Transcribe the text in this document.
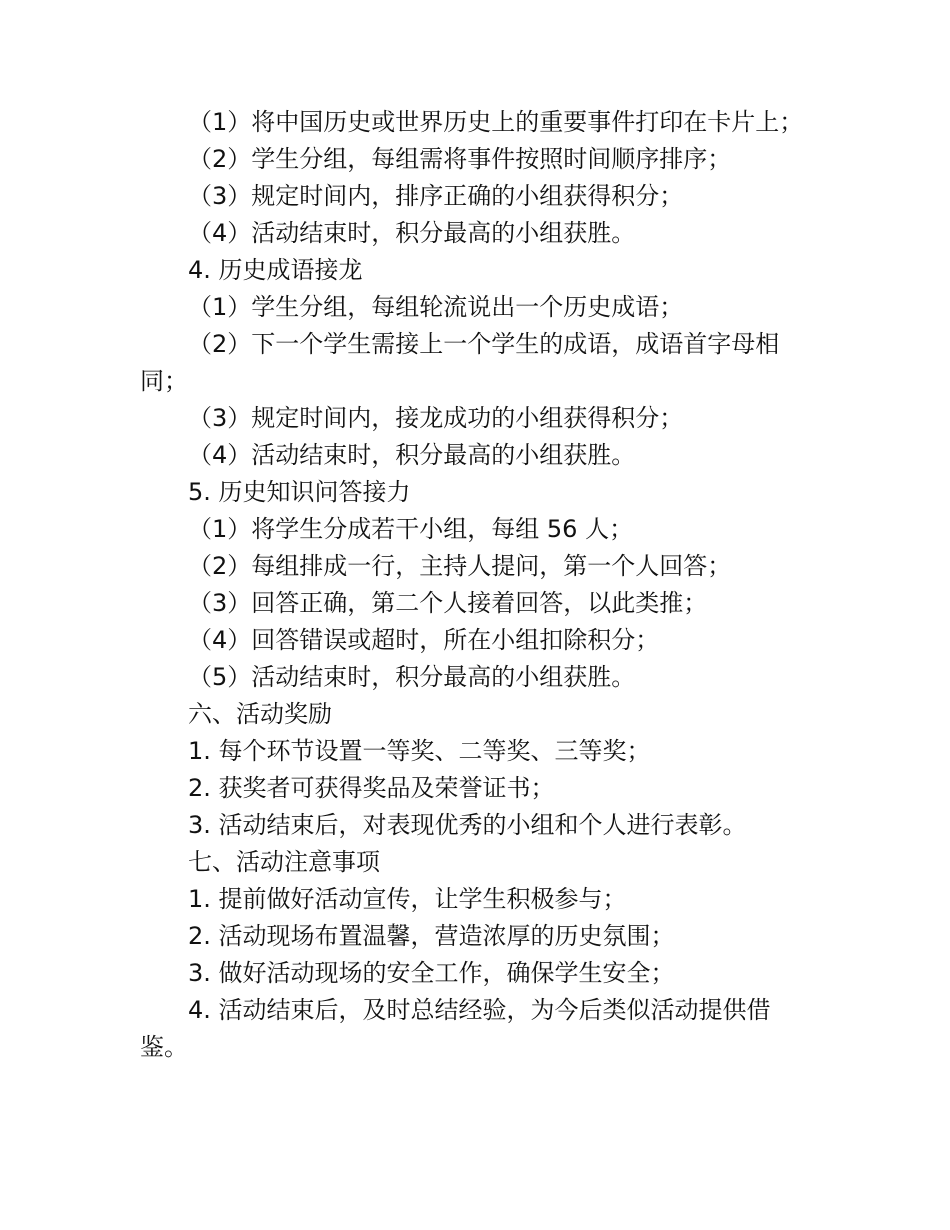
（1）将中国历史或世界历史上的重要事件打印在卡片上；

（2）学生分组，每组需将事件按照时间顺序排序；

（3）规定时间内，排序正确的小组获得积分；

（4）活动结束时，积分最高的小组获胜。

4. 历史成语接龙

（1）学生分组，每组轮流说出一个历史成语；

（2）下一个学生需接上一个学生的成语，成语首字母相同；

（3）规定时间内，接龙成功的小组获得积分；

（4）活动结束时，积分最高的小组获胜。

5. 历史知识问答接力

（1）将学生分成若干小组，每组 56 人；

（2）每组排成一行，主持人提问，第一个人回答；

（3）回答正确，第二个人接着回答，以此类推；

（4）回答错误或超时，所在小组扣除积分；

（5）活动结束时，积分最高的小组获胜。

六、活动奖励

1. 每个环节设置一等奖、二等奖、三等奖；

2. 获奖者可获得奖品及荣誉证书；

3. 活动结束后，对表现优秀的小组和个人进行表彰。

七、活动注意事项

1. 提前做好活动宣传，让学生积极参与；

2. 活动现场布置温馨，营造浓厚的历史氛围；

3. 做好活动现场的安全工作，确保学生安全；

4. 活动结束后，及时总结经验，为今后类似活动提供借鉴。
